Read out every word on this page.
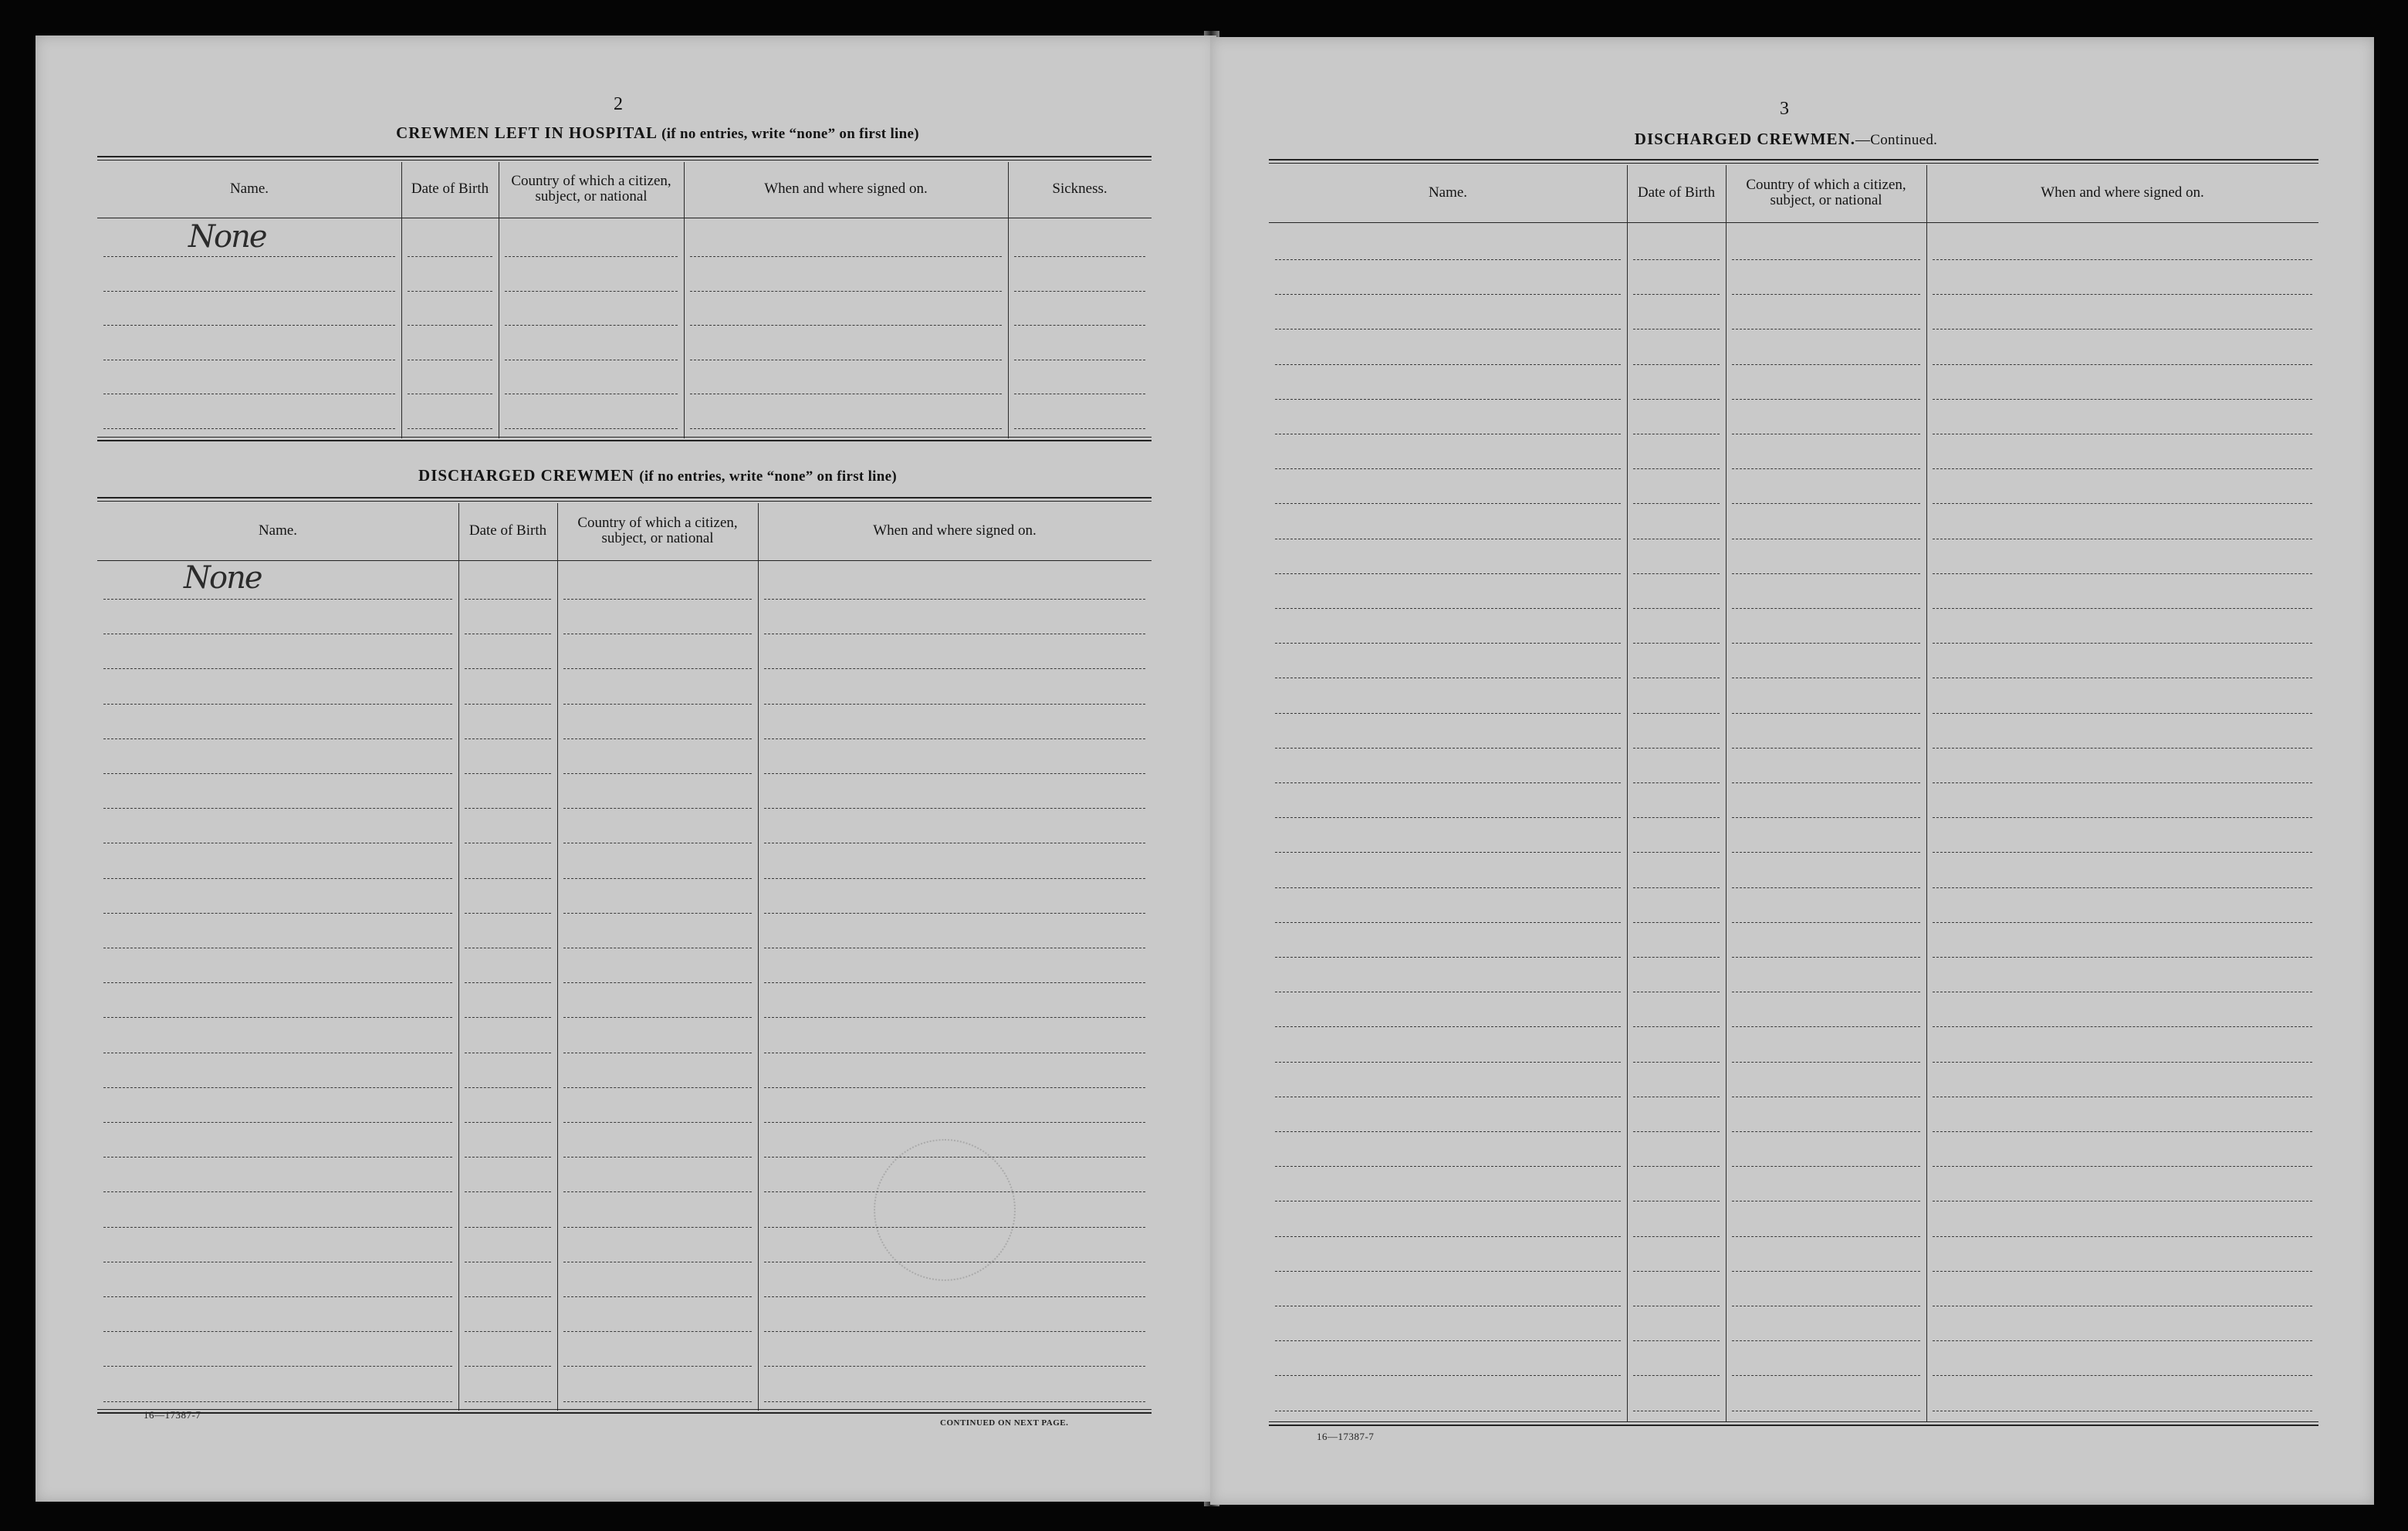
2
CREWMEN LEFT IN HOSPITAL (if no entries, write “none” on first line)
Name.	Date of Birth	Country of which a citizen, subject, or national	When and where signed on.	Sickness.
None
DISCHARGED CREWMEN (if no entries, write “none” on first line)
Name.	Date of Birth	Country of which a citizen, subject, or national	When and where signed on.
None
16—17387-7
CONTINUED ON NEXT PAGE.
3
DISCHARGED CREWMEN.—Continued.
Name.	Date of Birth	Country of which a citizen, subject, or national	When and where signed on.
16—17387-7
